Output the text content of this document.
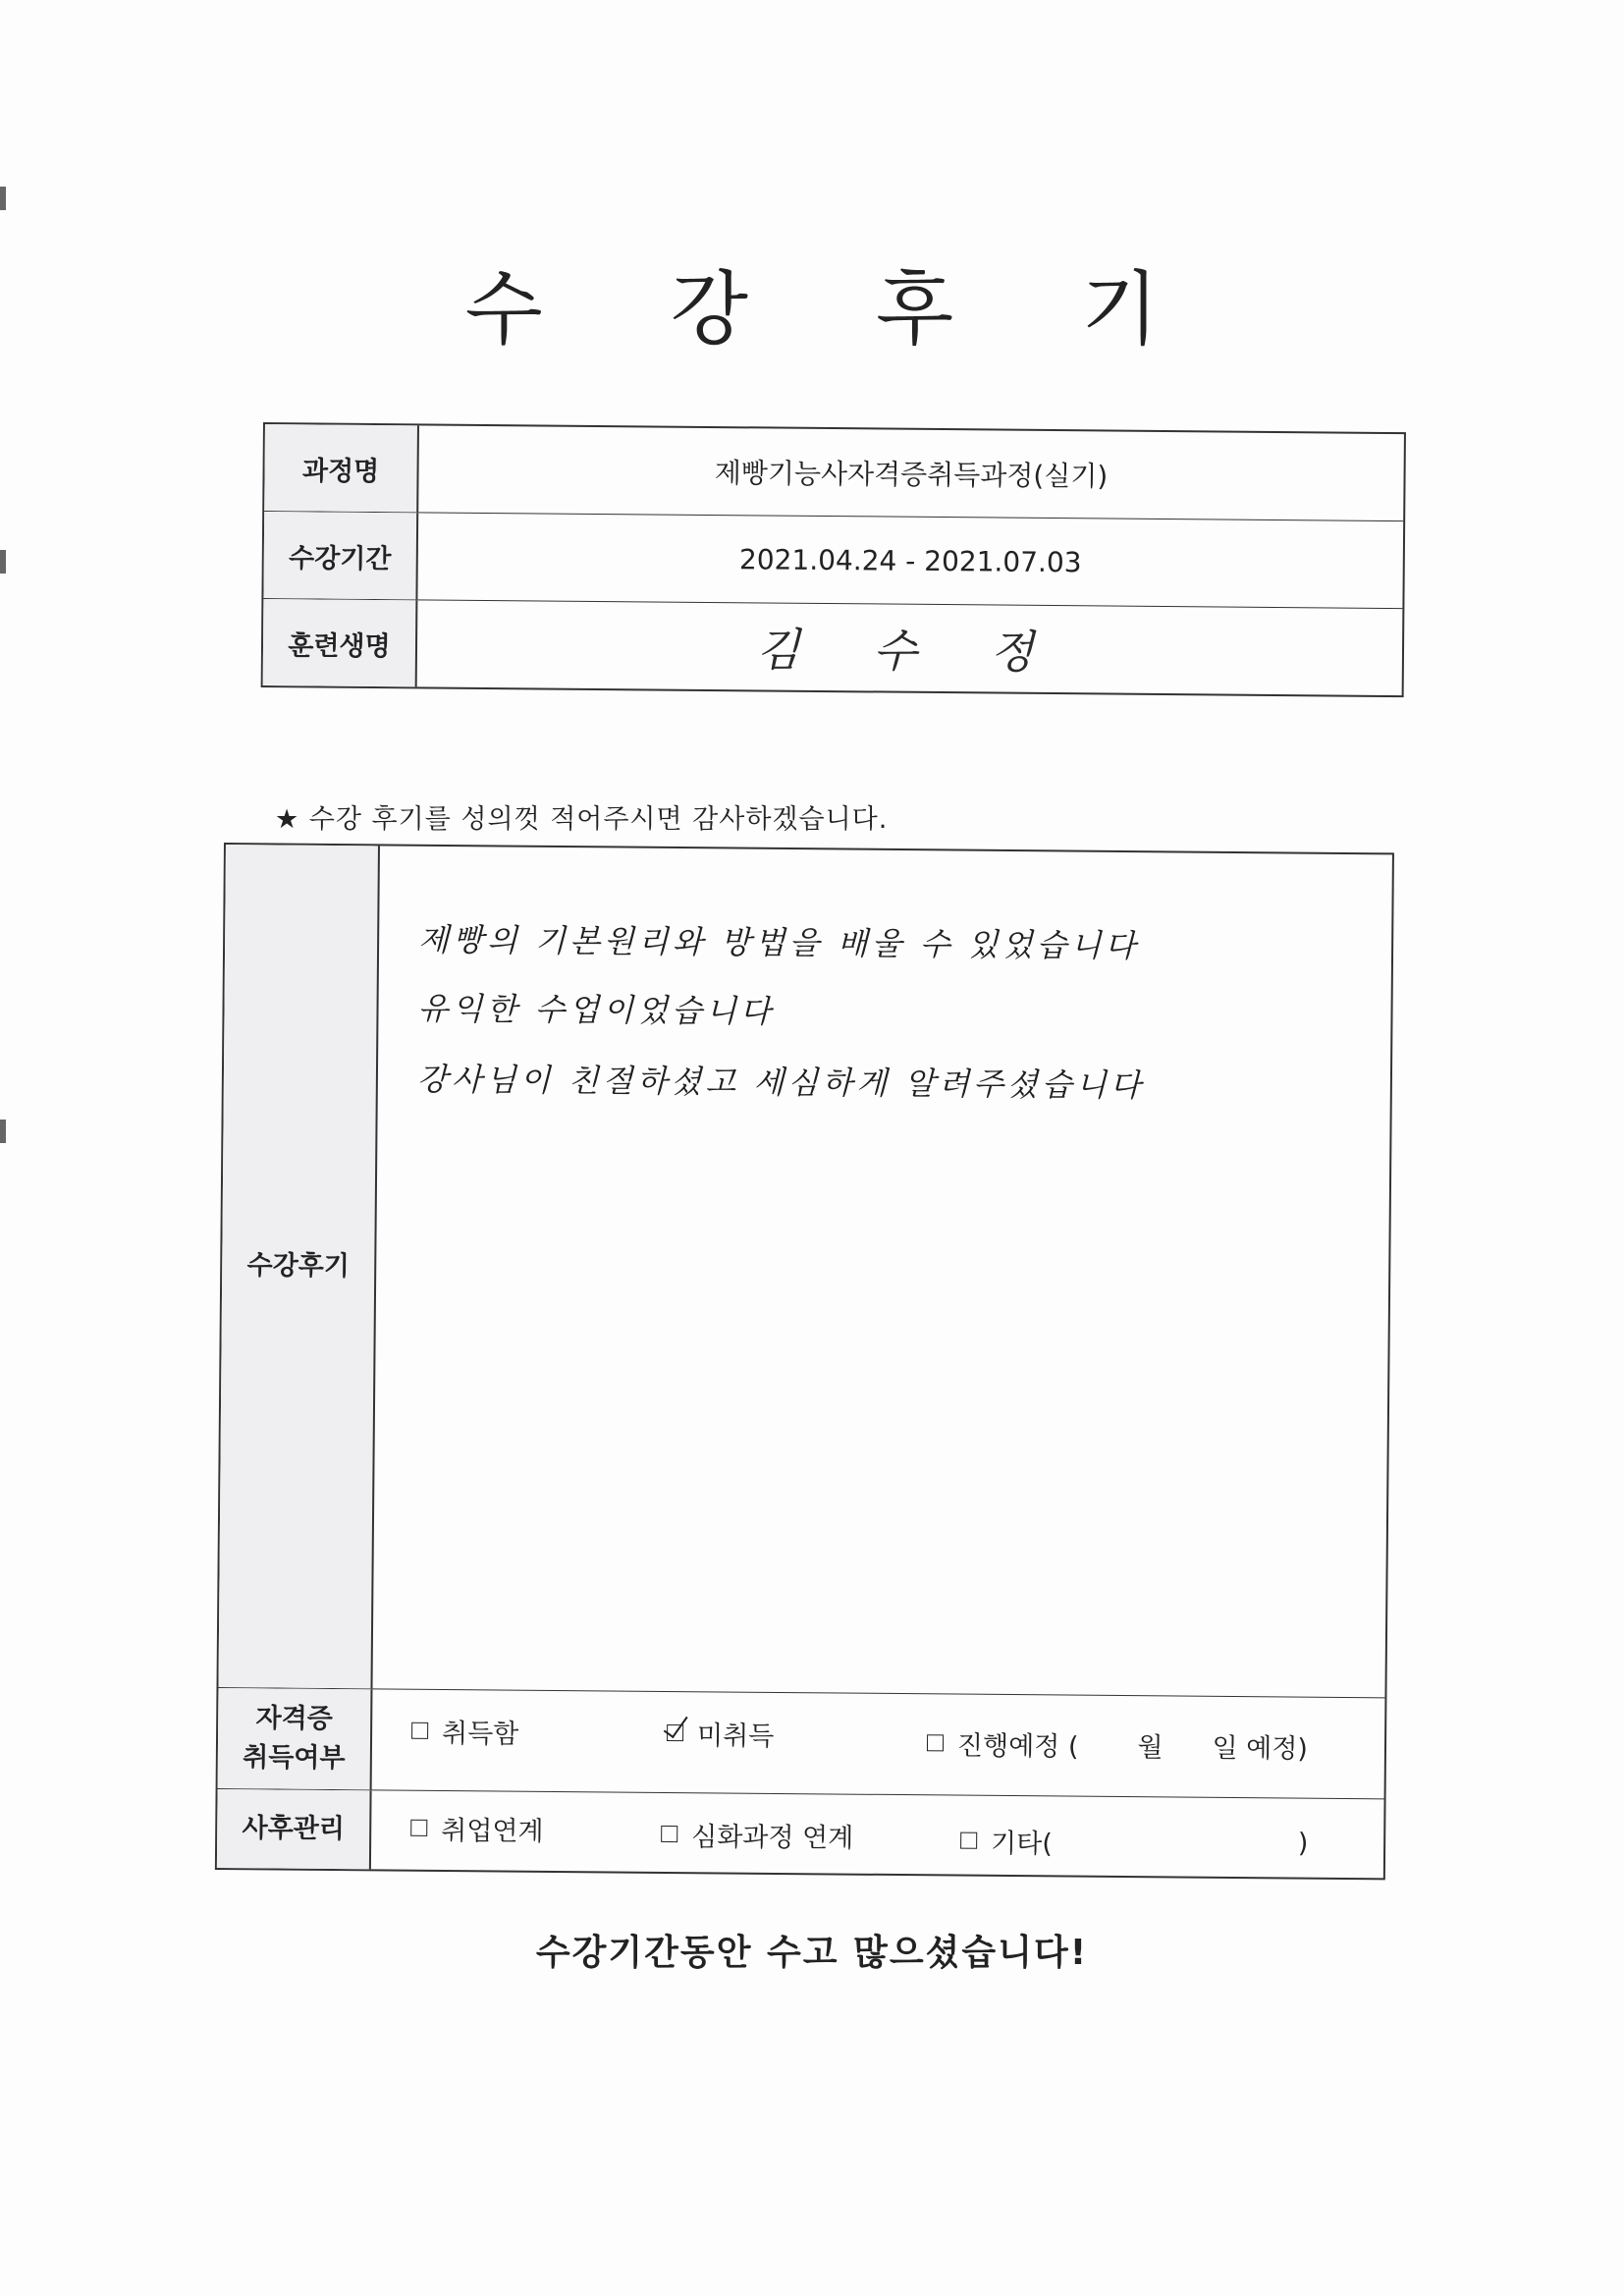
수 강 후 기
과정명	제빵기능사자격증취득과정(실기)
수강기간	2021.04.24 - 2021.07.03
훈련생명	김 수 정
★ 수강 후기를 성의껏 적어주시면 감사하겠습니다.
수강후기
제빵의 기본원리와 방법을 배울 수 있었습니다
유익한 수업이었습니다
강사님이 친절하셨고 세심하게 알려주셨습니다
자격증
취득여부
취득함	미취득	진행예정 ( 월 일 예정)
사후관리	취업연계	심화과정 연계	기타(	)
수강기간동안 수고 많으셨습니다!
